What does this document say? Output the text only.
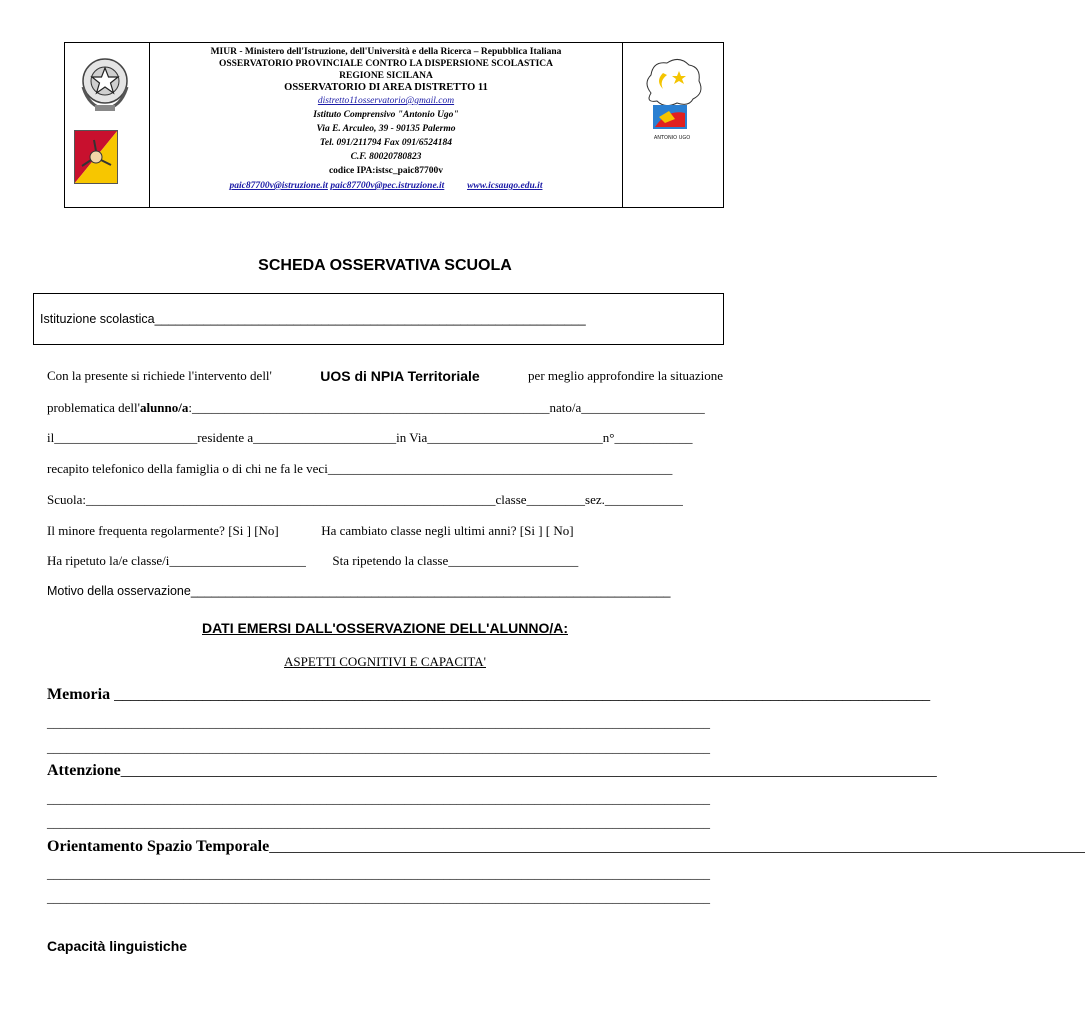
MIUR - Ministero dell'Istruzione, dell'Università e della Ricerca – Repubblica Italiana
OSSERVATORIO PROVINCIALE CONTRO LA DISPERSIONE SCOLASTICA
REGIONE SICILANA
OSSERVATORIO DI AREA DISTRETTO 11
distretto11osservatorio@gmail.com
Istituto Comprensivo "Antonio Ugo"
Via E. Arculeo, 39 - 90135 Palermo
Tel. 091/211794 Fax 091/6524184
C.F. 80020780823
codice IPA:istsc_paic87700v
paic87700v@istruzione.it paic87700v@pec.istruzione.it www.icsaugo.edu.it
ANTONIO UGO
SCHEDA OSSERVATIVA SCUOLA
Istituzione scolastica______________________________________________________________
Con la presente si richiede l'intervento dell'	UOS di NPIA Territoriale	per meglio approfondire la situazione
problematica dell'alunno/a:_______________________________________________________nato/a___________________
il______________________residente a______________________in Via___________________________n°____________
recapito telefonico della famiglia o di chi ne fa le veci_____________________________________________________
Scuola:_______________________________________________________________classe_________sez.____________
Il minore frequenta regolarmente? [Si ] [No]	Ha cambiato classe negli ultimi anni? [Si ] [ No]
Ha ripetuto la/e classe/i_____________________ Sta ripetendo la classe____________________
Motivo della osservazione_____________________________________________________________________
DATI EMERSI DALL'OSSERVAZIONE DELL'ALUNNO/A:
ASPETTI COGNITIVI E CAPACITA'
Memoria ______________________________________________________________________________________________________
______________________________________________________________________________________________________
______________________________________________________________________________________________________
Attenzione______________________________________________________________________________________________________
______________________________________________________________________________________________________
______________________________________________________________________________________________________
Orientamento Spazio Temporale______________________________________________________________________________________________________
______________________________________________________________________________________________________
______________________________________________________________________________________________________
Capacità linguistiche
